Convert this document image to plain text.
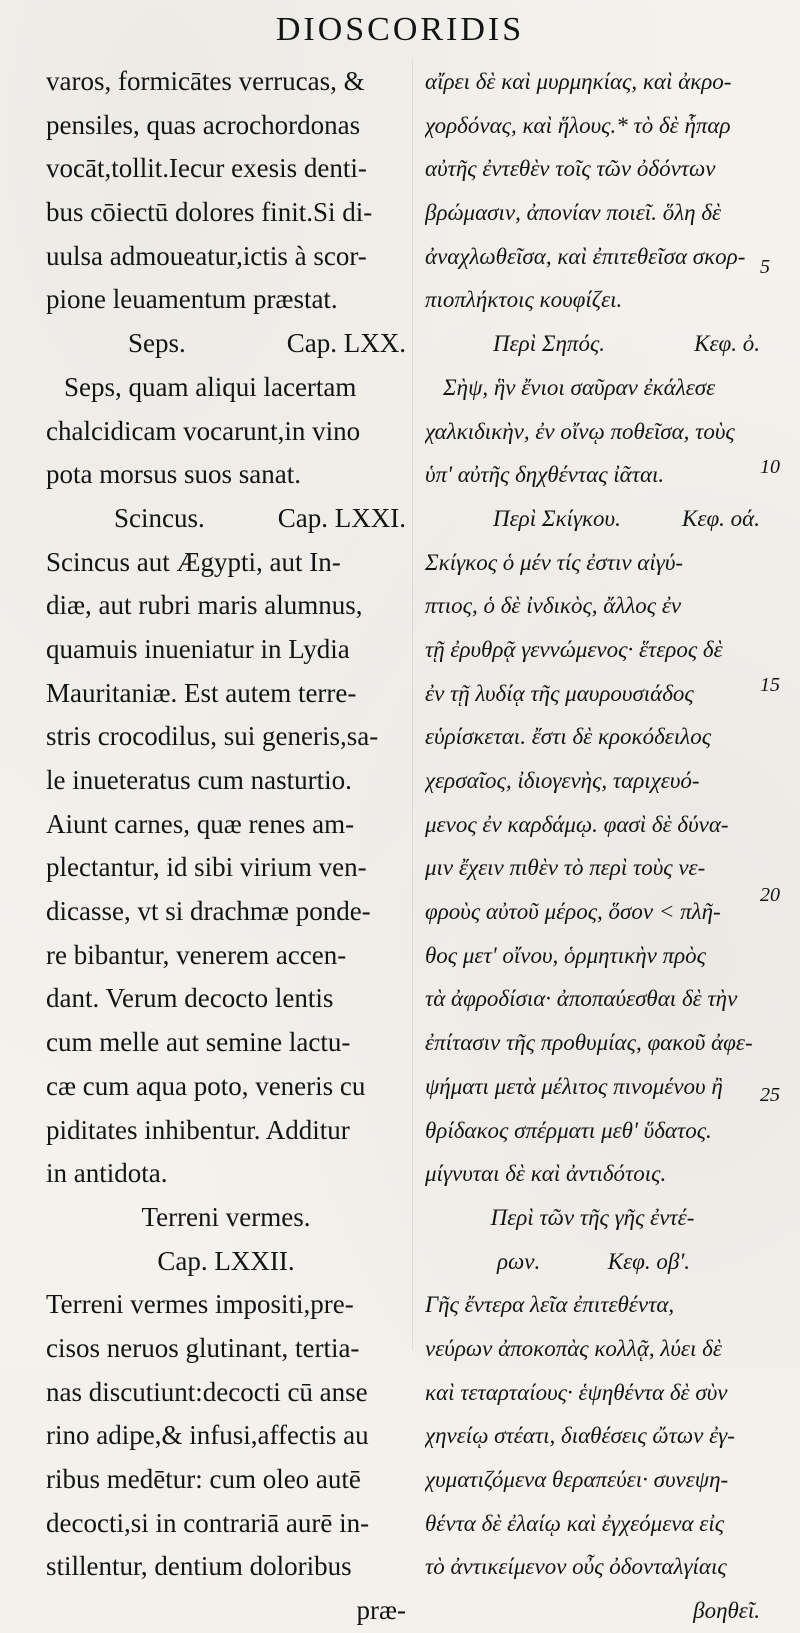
DIOSCORIDIS
varos, formicātes verrucas, &
pensiles, quas acrochordonas
vocāt,tollit.Iecur exesis denti-
bus cōiectū dolores finit.Si di-
uulsa admoueatur,ictis à scor-
pione leuamentum præstat.
Seps.	Cap. LXX.
Seps, quam aliqui lacertam
chalcidicam vocarunt,in vino
pota morsus suos sanat.
Scincus.	Cap. LXXI.
Scincus aut Ægypti, aut In-
diæ, aut rubri maris alumnus,
quamuis inueniatur in Lydia
Mauritaniæ. Est autem terre-
stris crocodilus, sui generis,sa-
le inueteratus cum nasturtio.
Aiunt carnes, quæ renes am-
plectantur, id sibi virium ven-
dicasse, vt si drachmæ ponde-
re bibantur, venerem accen-
dant. Verum decocto lentis
cum melle aut semine lactu-
cæ cum aqua poto, veneris cu
piditates inhibentur. Additur
in antidota.
Terreni vermes.
Cap. LXXII.
Terreni vermes impositi,pre-
cisos neruos glutinant, tertia-
nas discutiunt:decocti cū anse
rino adipe,& infusi,affectis au
ribus medētur: cum oleo autē
decocti,si in contrariā aurē in-
stillentur, dentium doloribus
præ-
αἴρει δὲ καὶ μυρμηκίας, καὶ ἀκρο-
χορδόνας, καὶ ἥλους.* τὸ δὲ ἧπαρ
αὐτῆς ἐντεθὲν τοῖς τῶν ὀδόντων
βρώμασιν, ἀπονίαν ποιεῖ. ὅλη δὲ
ἀναχλωθεῖσα, καὶ ἐπιτεθεῖσα σκορ-
πιοπλήκτοις κουφίζει.
Περὶ Σηπός.	Κεφ. ὀ.
Σὴψ, ἣν ἔνιοι σαῦραν ἐκάλεσε
χαλκιδικὴν, ἐν οἴνῳ ποθεῖσα, τοὺς
ὑπ' αὐτῆς δηχθέντας ἰᾶται.
Περὶ Σκίγκου.	Κεφ. οά.
Σκίγκος ὁ μέν τίς ἐστιν αἰγύ-
πτιος, ὁ δὲ ἰνδικὸς, ἄλλος ἐν
τῇ ἐρυθρᾷ γεννώμενος· ἕτερος δὲ
ἐν τῇ λυδίᾳ τῆς μαυρουσιάδος
εὑρίσκεται. ἔστι δὲ κροκόδειλος
χερσαῖος, ἰδιογενὴς, ταριχευό-
μενος ἐν καρδάμῳ. φασὶ δὲ δύνα-
μιν ἔχειν πιθὲν τὸ περὶ τοὺς νε-
φροὺς αὐτοῦ μέρος, ὅσον < πλῆ-
θος μετ' οἴνου, ὁρμητικὴν πρὸς
τὰ ἀφροδίσια· ἀποπαύεσθαι δὲ τὴν
ἐπίτασιν τῆς προθυμίας, φακοῦ ἀφε-
ψήματι μετὰ μέλιτος πινομένου ἢ
θρίδακος σπέρματι μεθ' ὕδατος.
μίγνυται δὲ καὶ ἀντιδότοις.
Περὶ τῶν τῆς γῆς ἐντέ-
ρων.	Κεφ. οβ'.
Γῆς ἔντερα λεῖα ἐπιτεθέντα,
νεύρων ἀποκοπὰς κολλᾷ, λύει δὲ
καὶ τεταρταίους· ἑψηθέντα δὲ σὺν
χηνείῳ στέατι, διαθέσεις ὤτων ἐγ-
χυματιζόμενα θεραπεύει· συνεψη-
θέντα δὲ ἐλαίῳ καὶ ἐγχεόμενα εἰς
τὸ ἀντικείμενον οὖς ὀδονταλγίαις
βοηθεῖ.
5
10
15
20
25
